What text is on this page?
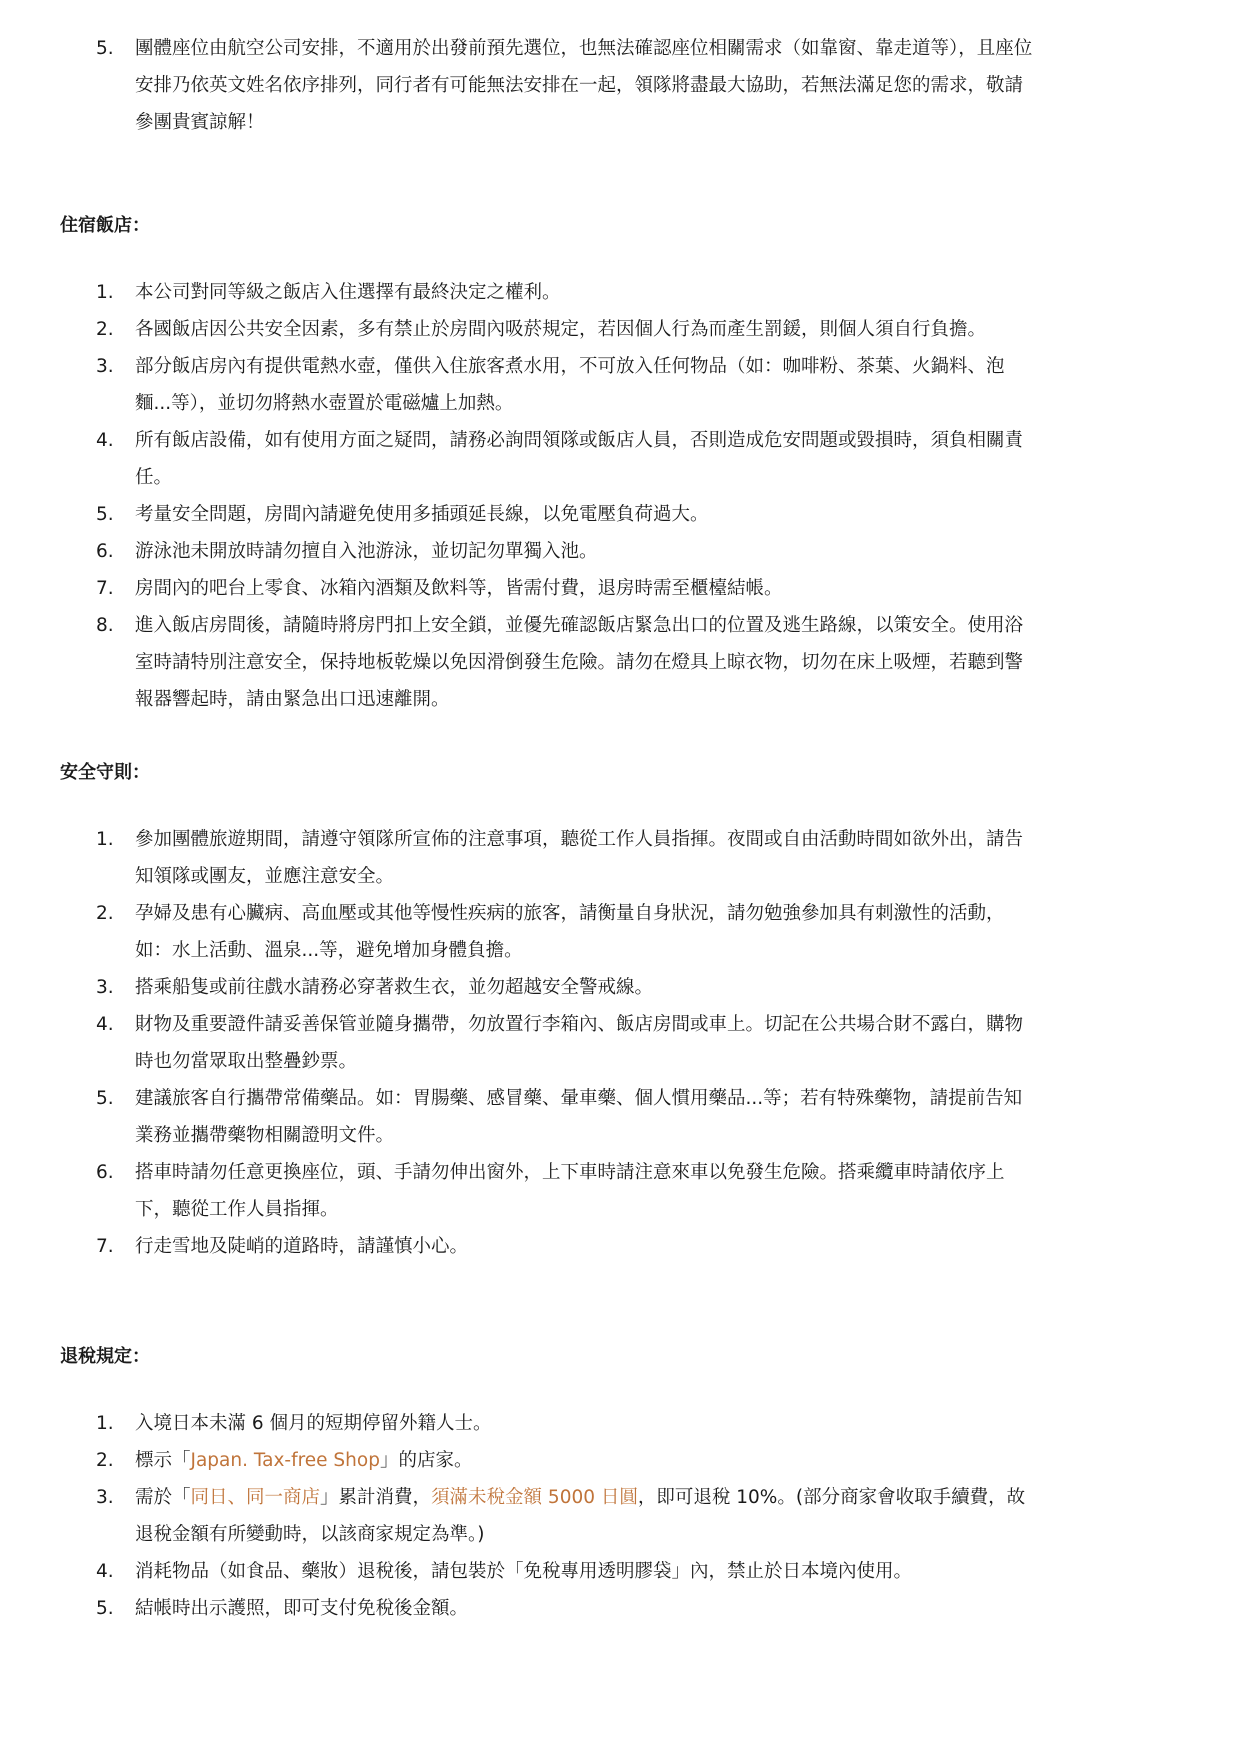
5.	團體座位由航空公司安排，不適用於出發前預先選位，也無法確認座位相關需求（如靠窗、靠走道等），且座位安排乃依英文姓名依序排列，同行者有可能無法安排在一起，領隊將盡最大協助，若無法滿足您的需求，敬請參團貴賓諒解！
住宿飯店：
1.	本公司對同等級之飯店入住選擇有最終決定之權利。
2.	各國飯店因公共安全因素，多有禁止於房間內吸菸規定，若因個人行為而產生罰鍰，則個人須自行負擔。
3.	部分飯店房內有提供電熱水壺，僅供入住旅客煮水用，不可放入任何物品（如：咖啡粉、茶葉、火鍋料、泡麵...等），並切勿將熱水壺置於電磁爐上加熱。
4.	所有飯店設備，如有使用方面之疑問，請務必詢問領隊或飯店人員，否則造成危安問題或毀損時，須負相關責任。
5.	考量安全問題，房間內請避免使用多插頭延長線，以免電壓負荷過大。
6.	游泳池未開放時請勿擅自入池游泳，並切記勿單獨入池。
7.	房間內的吧台上零食、冰箱內酒類及飲料等，皆需付費，退房時需至櫃檯結帳。
8.	進入飯店房間後，請隨時將房門扣上安全鎖，並優先確認飯店緊急出口的位置及逃生路線，以策安全。使用浴室時請特別注意安全，保持地板乾燥以免因滑倒發生危險。請勿在燈具上晾衣物，切勿在床上吸煙，若聽到警報器響起時，請由緊急出口迅速離開。
安全守則：
1.	參加團體旅遊期間，請遵守領隊所宣佈的注意事項，聽從工作人員指揮。夜間或自由活動時間如欲外出，請告知領隊或團友，並應注意安全。
2.	孕婦及患有心臟病、高血壓或其他等慢性疾病的旅客，請衡量自身狀況，請勿勉強參加具有刺激性的活動，如：水上活動、溫泉...等，避免增加身體負擔。
3.	搭乘船隻或前往戲水請務必穿著救生衣，並勿超越安全警戒線。
4.	財物及重要證件請妥善保管並隨身攜帶，勿放置行李箱內、飯店房間或車上。切記在公共場合財不露白，購物時也勿當眾取出整疊鈔票。
5.	建議旅客自行攜帶常備藥品。如：胃腸藥、感冒藥、暈車藥、個人慣用藥品...等；若有特殊藥物，請提前告知業務並攜帶藥物相關證明文件。
6.	搭車時請勿任意更換座位，頭、手請勿伸出窗外，上下車時請注意來車以免發生危險。搭乘纜車時請依序上下，聽從工作人員指揮。
7.	行走雪地及陡峭的道路時，請謹慎小心。
退稅規定：
1.	入境日本未滿 6 個月的短期停留外籍人士。
2.	標示「Japan. Tax-free Shop」的店家。
3.	需於「同日、同一商店」累計消費，須滿未稅金額 5000 日圓，即可退稅 10%。(部分商家會收取手續費，故退稅金額有所變動時，以該商家規定為準。)
4.	消耗物品（如食品、藥妝）退稅後，請包裝於「免稅專用透明膠袋」內，禁止於日本境內使用。
5.	結帳時出示護照，即可支付免稅後金額。
